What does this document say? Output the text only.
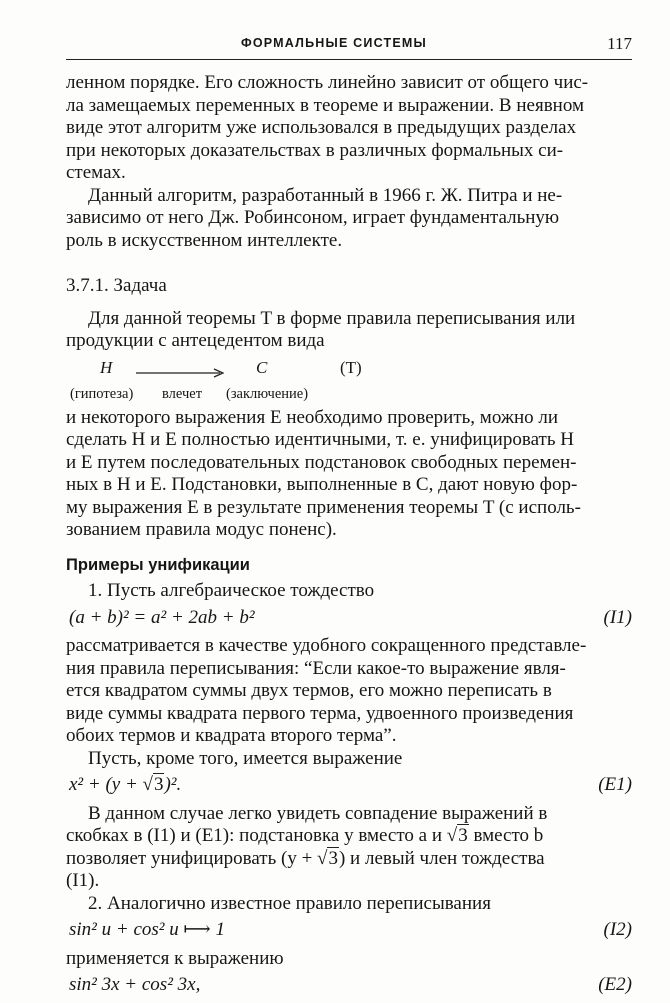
ФОРМАЛЬНЫЕ СИСТЕМЫ	117

ленном порядке. Его сложность линейно зависит от общего чис-

ла замещаемых переменных в теореме и выражении. В неявном

виде этот алгоритм уже использовался в предыдущих разделах

при некоторых доказательствах в различных формальных си-

стемах.

Данный алгоритм, разработанный в 1966 г. Ж. Питра и не-

зависимо от него Дж. Робинсоном, играет фундаментальную

роль в искусственном интеллекте.

3.7.1. Задача

Для данной теоремы T в форме правила переписывания или

продукции с антецедентом вида

H	C	(T)
(гипотеза) влечет (заключение)

и некоторого выражения E необходимо проверить, можно ли

сделать H и E полностью идентичными, т. е. унифицировать H

и E путем последовательных подстановок свободных перемен-

ных в H и E. Подстановки, выполненные в C, дают новую фор-

му выражения E в результате применения теоремы T (с исполь-

зованием правила модус поненс).

Примеры унификации

1. Пусть алгебраическое тождество

(a + b)² = a² + 2ab + b²	(I1)

рассматривается в качестве удобного сокращенного представле-

ния правила переписывания: “Если какое-то выражение явля-

ется квадратом суммы двух термов, его можно переписать в

виде суммы квадрата первого терма, удвоенного произведения

обоих термов и квадрата второго терма”.

Пусть, кроме того, имеется выражение

x² + (y + √3)².	(E1)

В данном случае легко увидеть совпадение выражений в

скобках в (I1) и (E1): подстановка y вместо a и √3 вместо b

позволяет унифицировать (y + √3) и левый член тождества

(I1).

2. Аналогично известное правило переписывания

sin² u + cos² u ⟼ 1	(I2)

применяется к выражению

sin² 3x + cos² 3x,	(E2)
